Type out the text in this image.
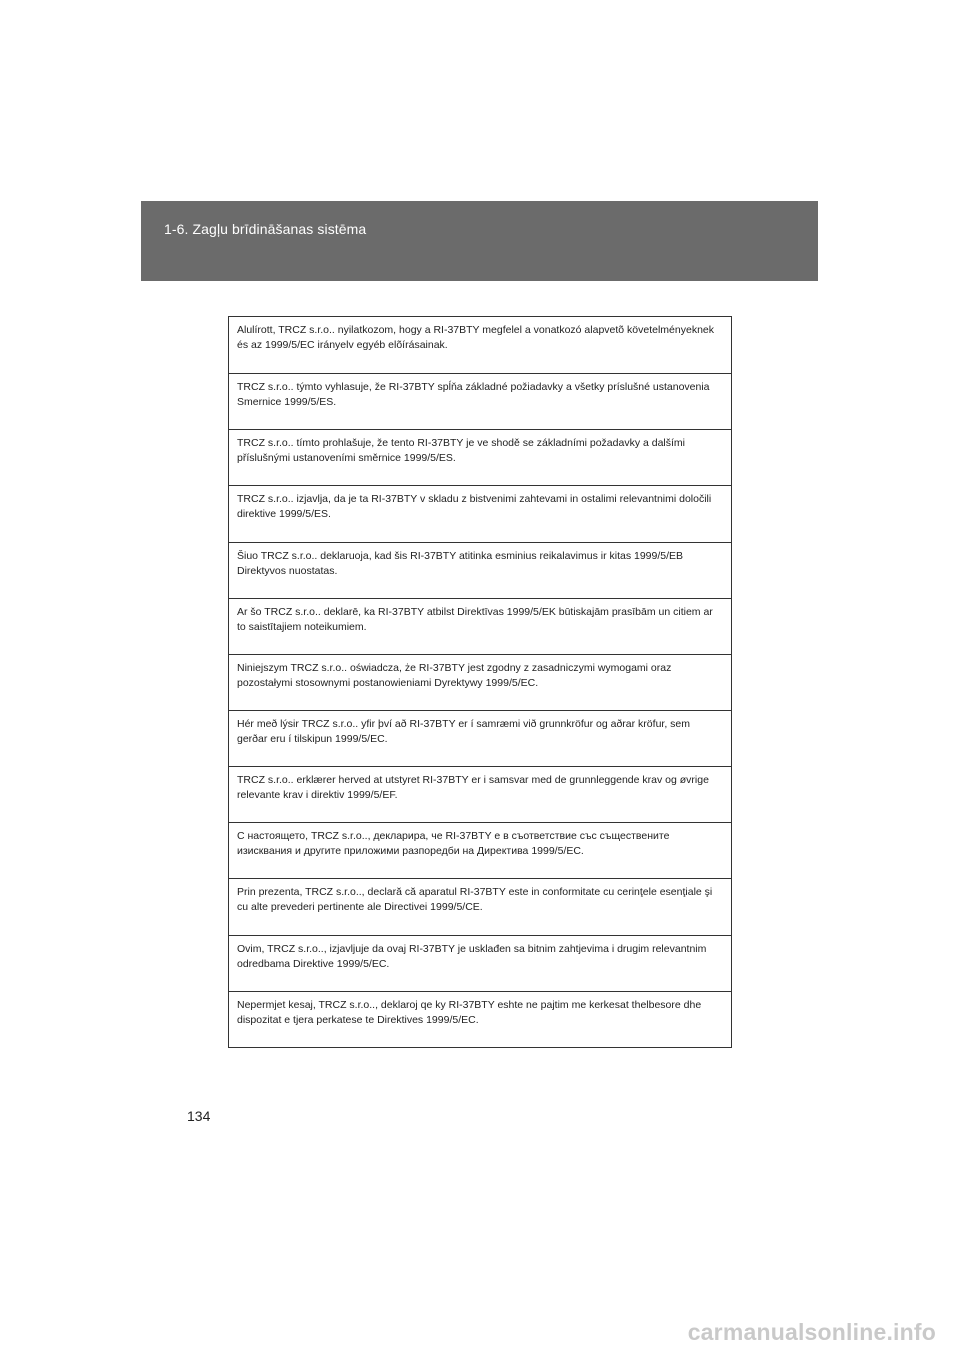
1-6. Zagļu brīdināšanas sistēma

Alulírott, TRCZ s.r.o.. nyilatkozom, hogy a RI-37BTY megfelel a vonatkozó alapvetõ követelményeknek és az 1999/5/EC irányelv egyéb elõírásainak.

TRCZ s.r.o.. týmto vyhlasuje, že RI-37BTY spĺňa základné požiadavky a všetky príslušné ustanovenia Smernice 1999/5/ES.

TRCZ s.r.o.. tímto prohlašuje, že tento RI-37BTY je ve shodě se základními požadavky a dalšími příslušnými ustanoveními směrnice 1999/5/ES.

TRCZ s.r.o.. izjavlja, da je ta RI-37BTY v skladu z bistvenimi zahtevami in ostalimi relevantnimi določili direktive 1999/5/ES.

Šiuo TRCZ s.r.o.. deklaruoja, kad šis RI-37BTY atitinka esminius reikalavimus ir kitas 1999/5/EB Direktyvos nuostatas.

Ar šo TRCZ s.r.o.. deklarē, ka RI-37BTY atbilst Direktīvas 1999/5/EK būtiskajām prasībām un citiem ar to saistītajiem noteikumiem.

Niniejszym TRCZ s.r.o.. oświadcza, że RI-37BTY jest zgodny z zasadniczymi wymogami oraz pozostałymi stosownymi postanowieniami Dyrektywy 1999/5/EC.

Hér með lýsir TRCZ s.r.o.. yfir því að RI-37BTY er í samræmi við grunnkröfur og aðrar kröfur, sem gerðar eru í tilskipun 1999/5/EC.

TRCZ s.r.o.. erklærer herved at utstyret RI-37BTY er i samsvar med de grunnleggende krav og øvrige relevante krav i direktiv 1999/5/EF.

С настоящето, TRCZ s.r.o.., декларира, че RI-37BTY е в съответствие със съществените изисквания и другите приложими разпоредби на Директива 1999/5/EC.

Prin prezenta, TRCZ s.r.o.., declară că aparatul RI-37BTY este in conformitate cu cerinţele esenţiale şi cu alte prevederi pertinente ale Directivei 1999/5/CE.

Ovim, TRCZ s.r.o.., izjavljuje da ovaj RI-37BTY je usklađen sa bitnim zahtjevima i drugim relevantnim odredbama Direktive 1999/5/EC.

Nepermjet kesaj, TRCZ s.r.o.., deklaroj qe ky RI-37BTY eshte ne pajtim me kerkesat thelbesore dhe dispozitat e tjera perkatese te Direktives 1999/5/EC.

134
carmanualsonline.info
